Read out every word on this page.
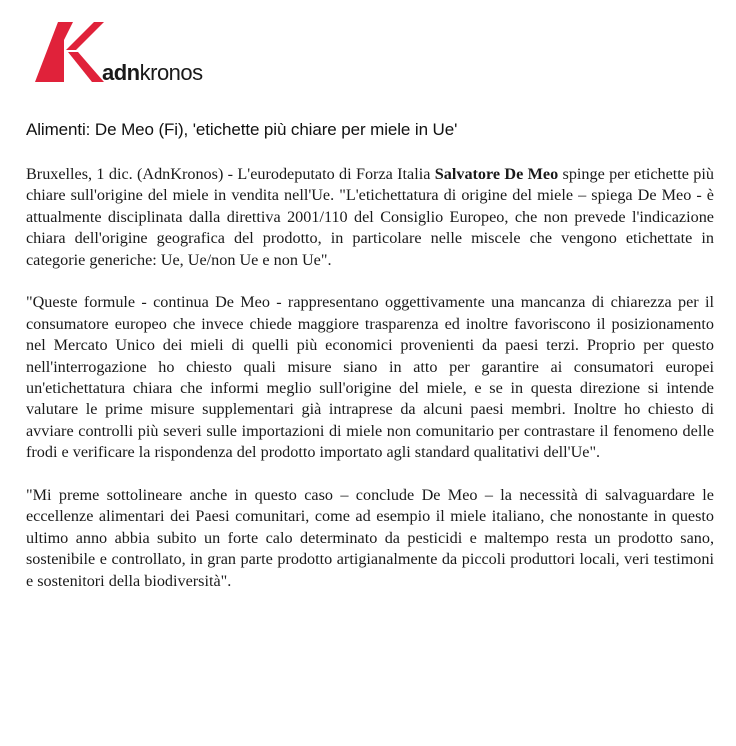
adnkronos
Alimenti: De Meo (Fi), 'etichette più chiare per miele in Ue'

Bruxelles, 1 dic. (AdnKronos) - L'eurodeputato di Forza Italia Salvatore De Meo spinge per etichette più chiare sull'origine del miele in vendita nell'Ue. "L'etichettatura di origine del miele – spiega De Meo - è attualmente disciplinata dalla direttiva 2001/110 del Consiglio Europeo, che non prevede l'indicazione chiara dell'origine geografica del prodotto, in particolare nelle miscele che vengono etichettate in categorie generiche: Ue, Ue/non Ue e non Ue".

"Queste formule - continua De Meo - rappresentano oggettivamente una mancanza di chiarezza per il consumatore europeo che invece chiede maggiore trasparenza ed inoltre favoriscono il posizionamento nel Mercato Unico dei mieli di quelli più economici provenienti da paesi terzi. Proprio per questo nell'interrogazione ho chiesto quali misure siano in atto per garantire ai consumatori europei un'etichettatura chiara che informi meglio sull'origine del miele, e se in questa direzione si intende valutare le prime misure supplementari già intraprese da alcuni paesi membri. Inoltre ho chiesto di avviare controlli più severi sulle importazioni di miele non comunitario per contrastare il fenomeno delle frodi e verificare la rispondenza del prodotto importato agli standard qualitativi dell'Ue".

"Mi preme sottolineare anche in questo caso – conclude De Meo – la necessità di salvaguardare le eccellenze alimentari dei Paesi comunitari, come ad esempio il miele italiano, che nonostante in questo ultimo anno abbia subito un forte calo determinato da pesticidi e maltempo resta un prodotto sano, sostenibile e controllato, in gran parte prodotto artigianalmente da piccoli produttori locali, veri testimoni e sostenitori della biodiversità".
